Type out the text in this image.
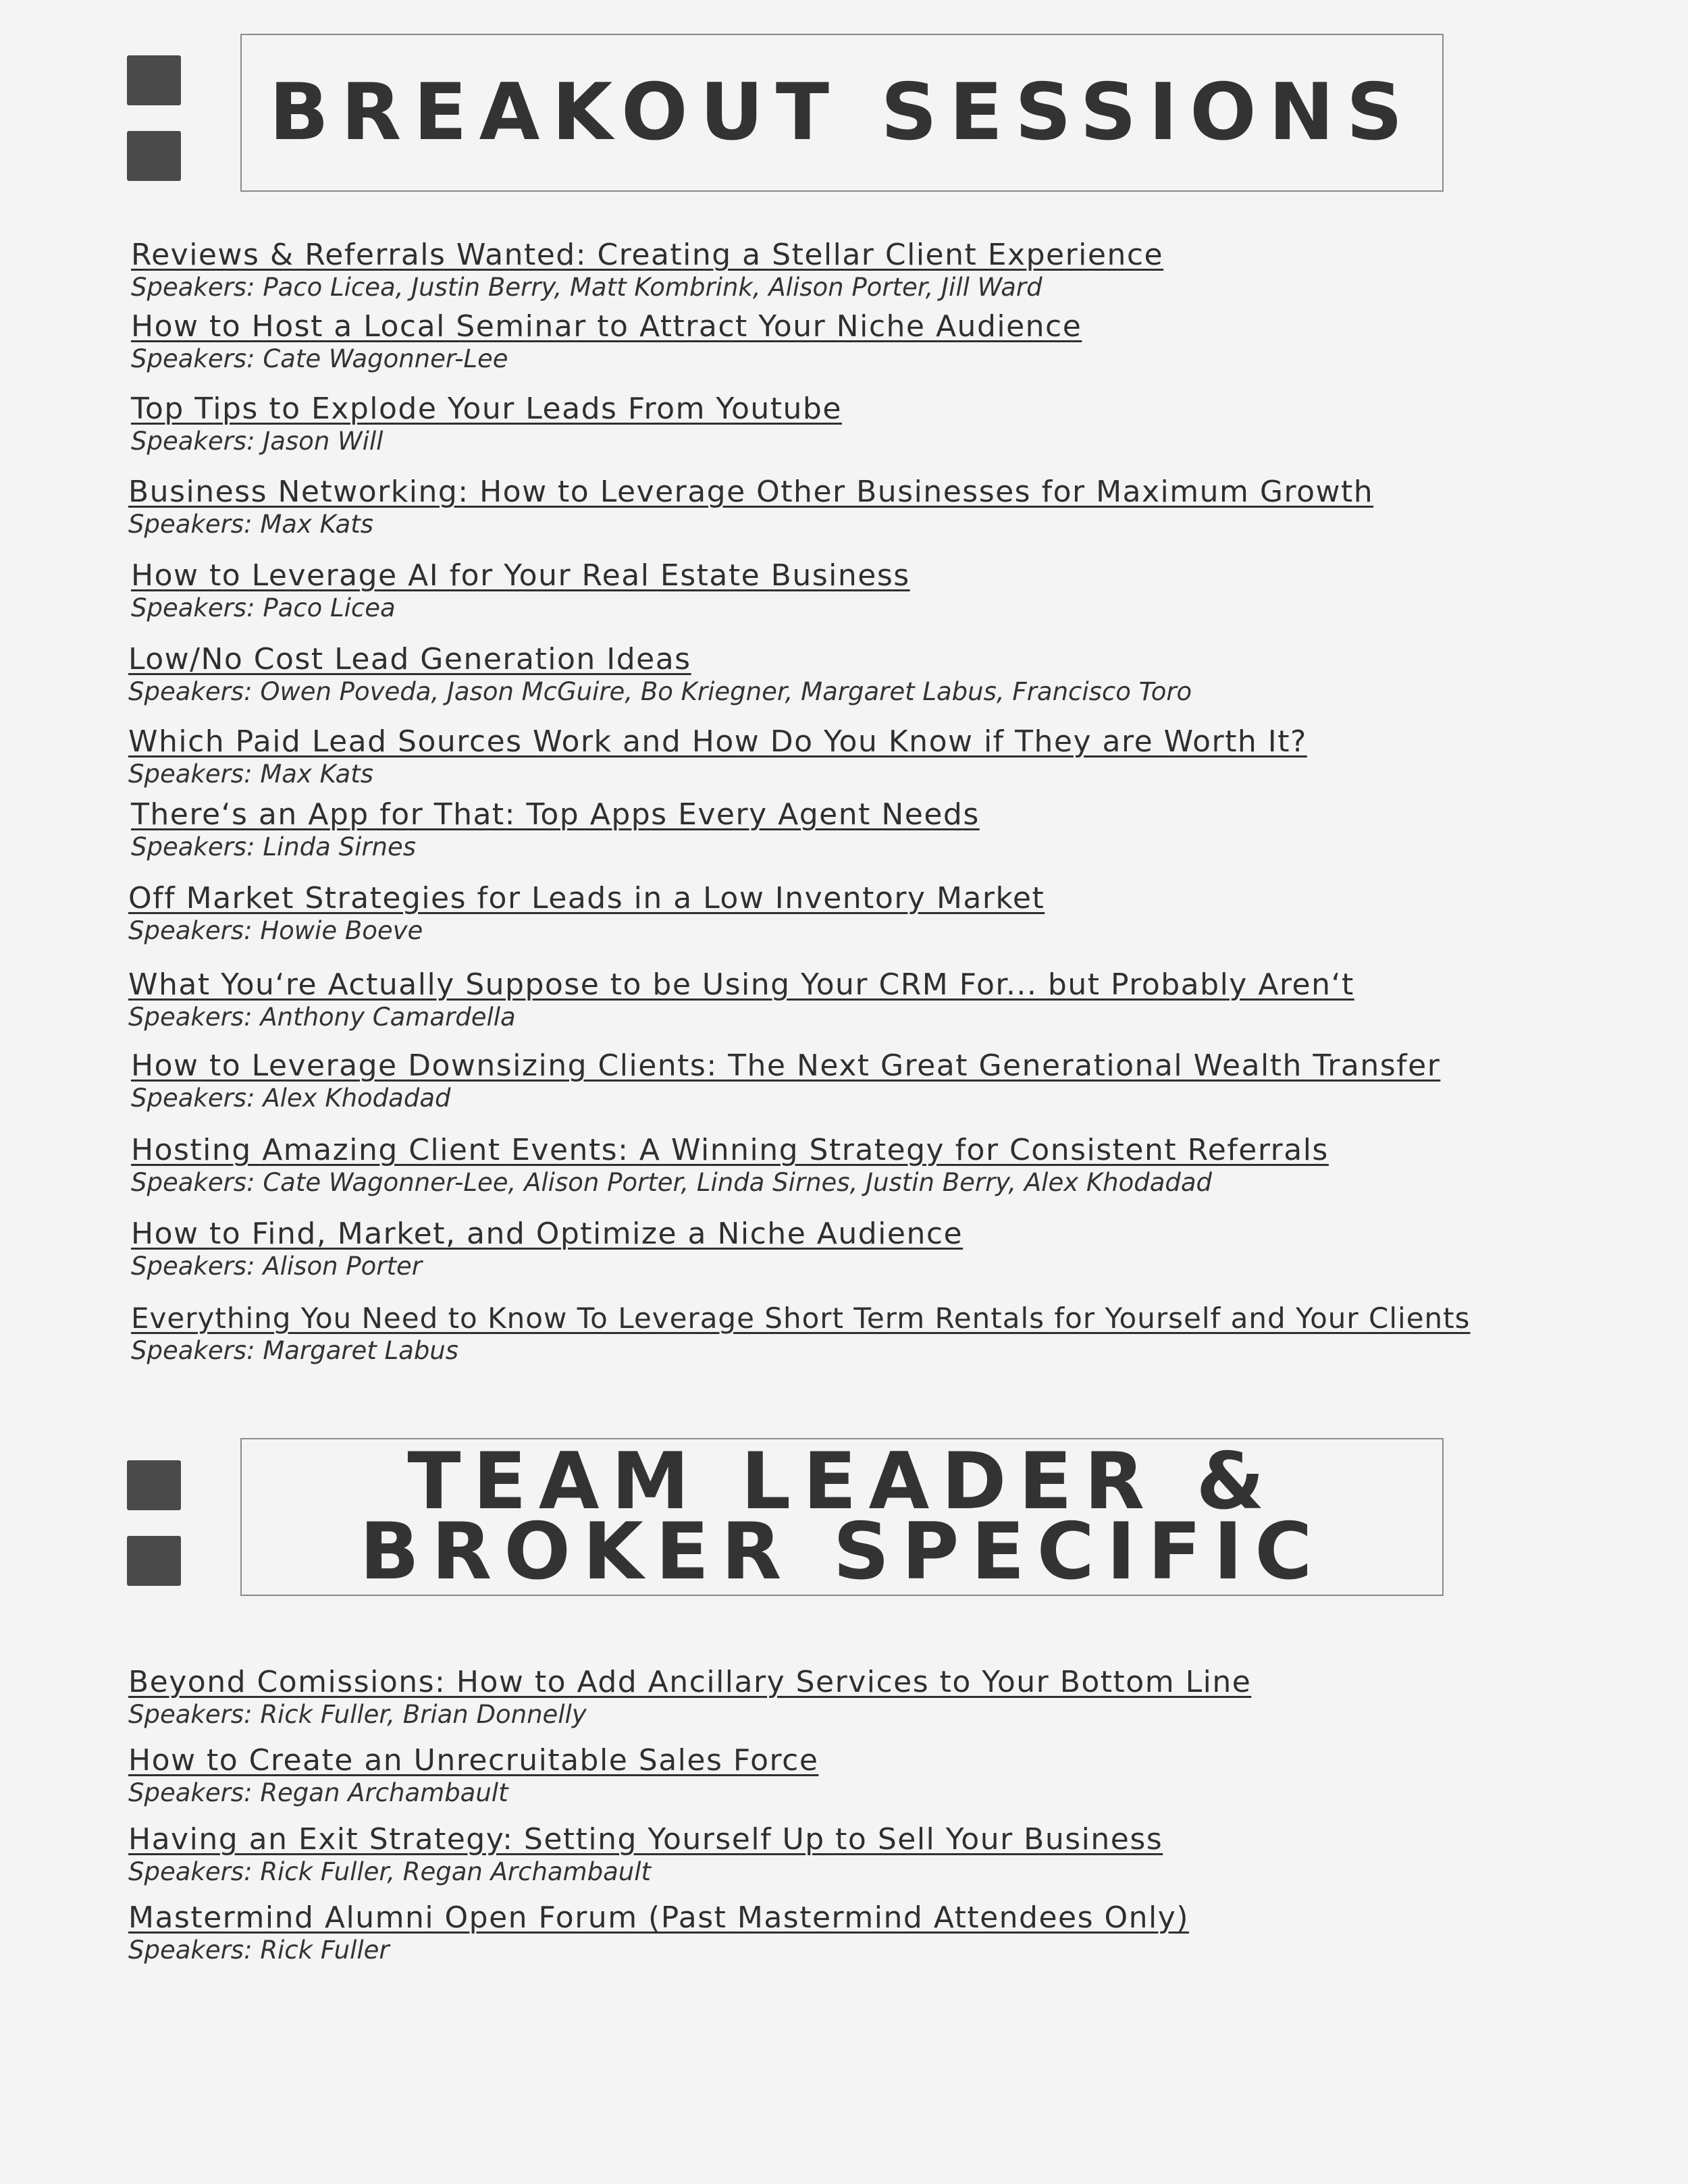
BREAKOUT SESSIONS
Reviews & Referrals Wanted: Creating a Stellar Client Experience
Speakers: Paco Licea, Justin Berry, Matt Kombrink, Alison Porter, Jill Ward
How to Host a Local Seminar to Attract Your Niche Audience
Speakers: Cate Wagonner-Lee
Top Tips to Explode Your Leads From Youtube
Speakers: Jason Will
Business Networking: How to Leverage Other Businesses for Maximum Growth
Speakers: Max Kats
How to Leverage AI for Your Real Estate Business
Speakers: Paco Licea
Low/No Cost Lead Generation Ideas
Speakers: Owen Poveda, Jason McGuire, Bo Kriegner, Margaret Labus, Francisco Toro
Which Paid Lead Sources Work and How Do You Know if They are Worth It?
Speakers: Max Kats
There‘s an App for That: Top Apps Every Agent Needs
Speakers: Linda Sirnes
Off Market Strategies for Leads in a Low Inventory Market
Speakers: Howie Boeve
What You‘re Actually Suppose to be Using Your CRM For... but Probably Aren‘t
Speakers: Anthony Camardella
How to Leverage Downsizing Clients: The Next Great Generational Wealth Transfer
Speakers: Alex Khodadad
Hosting Amazing Client Events: A Winning Strategy for Consistent Referrals
Speakers: Cate Wagonner-Lee, Alison Porter, Linda Sirnes, Justin Berry, Alex Khodadad
How to Find, Market, and Optimize a Niche Audience
Speakers: Alison Porter
Everything You Need to Know To Leverage Short Term Rentals for Yourself and Your Clients
Speakers: Margaret Labus
TEAM LEADER &
BROKER SPECIFIC
Beyond Comissions: How to Add Ancillary Services to Your Bottom Line
Speakers: Rick Fuller, Brian Donnelly
How to Create an Unrecruitable Sales Force
Speakers: Regan Archambault
Having an Exit Strategy: Setting Yourself Up to Sell Your Business
Speakers: Rick Fuller, Regan Archambault
Mastermind Alumni Open Forum (Past Mastermind Attendees Only)
Speakers: Rick Fuller
